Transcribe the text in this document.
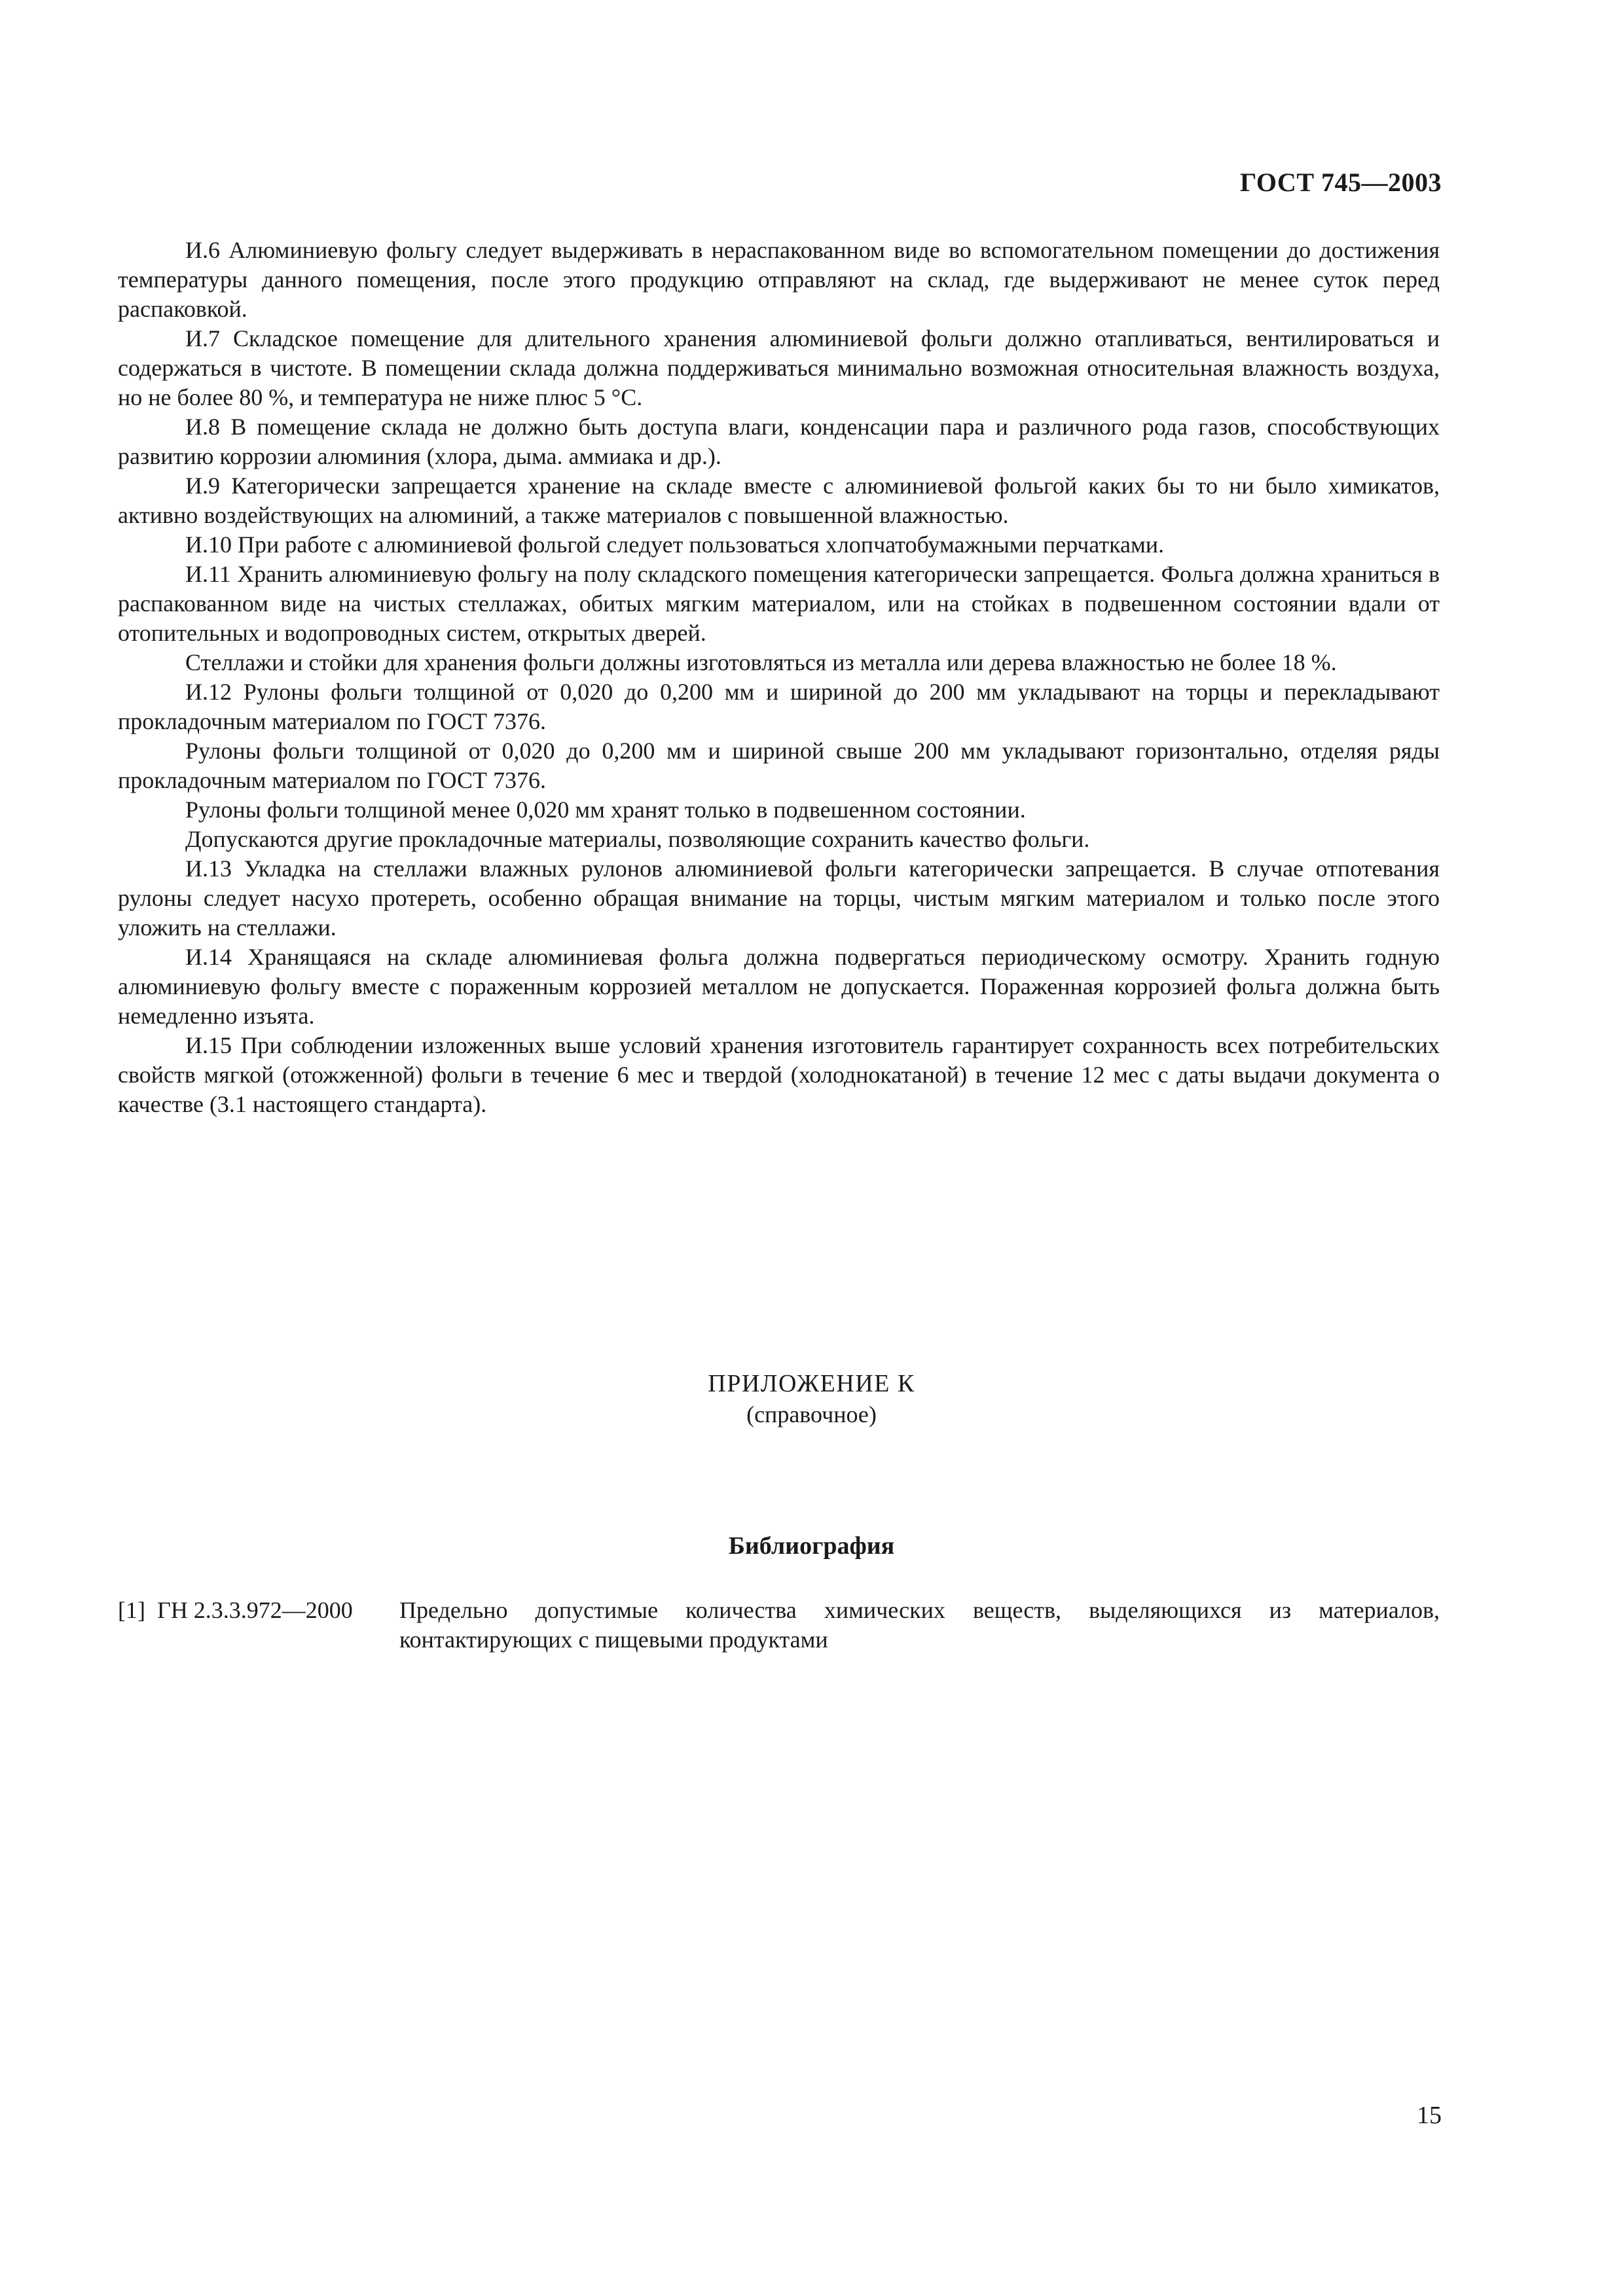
ГОСТ 745—2003

И.6 Алюминиевую фольгу следует выдерживать в нераспакованном виде во вспомогательном помещении до достижения температуры данного помещения, после этого продукцию отправляют на склад, где выдерживают не менее суток перед распаковкой.

И.7 Складское помещение для длительного хранения алюминиевой фольги должно отапливаться, вентилироваться и содержаться в чистоте. В помещении склада должна поддерживаться минимально возможная относительная влажность воздуха, но не более 80 %, и температура не ниже плюс 5 °С.

И.8 В помещение склада не должно быть доступа влаги, конденсации пара и различного рода газов, способствующих развитию коррозии алюминия (хлора, дыма. аммиака и др.).

И.9 Категорически запрещается хранение на складе вместе с алюминиевой фольгой каких бы то ни было химикатов, активно воздействующих на алюминий, а также материалов с повышенной влажностью.

И.10 При работе с алюминиевой фольгой следует пользоваться хлопчатобумажными перчатками.

И.11 Хранить алюминиевую фольгу на полу складского помещения категорически запрещается. Фольга должна храниться в распакованном виде на чистых стеллажах, обитых мягким материалом, или на стойках в подвешенном состоянии вдали от отопительных и водопроводных систем, открытых дверей.

Стеллажи и стойки для хранения фольги должны изготовляться из металла или дерева влажностью не более 18 %.

И.12 Рулоны фольги толщиной от 0,020 до 0,200 мм и шириной до 200 мм укладывают на торцы и перекладывают прокладочным материалом по ГОСТ 7376.

Рулоны фольги толщиной от 0,020 до 0,200 мм и шириной свыше 200 мм укладывают горизонтально, отделяя ряды прокладочным материалом по ГОСТ 7376.

Рулоны фольги толщиной менее 0,020 мм хранят только в подвешенном состоянии.

Допускаются другие прокладочные материалы, позволяющие сохранить качество фольги.

И.13 Укладка на стеллажи влажных рулонов алюминиевой фольги категорически запрещается. В случае отпотевания рулоны следует насухо протереть, особенно обращая внимание на торцы, чистым мягким материалом и только после этого уложить на стеллажи.

И.14 Хранящаяся на складе алюминиевая фольга должна подвергаться периодическому осмотру. Хранить годную алюминиевую фольгу вместе с пораженным коррозией металлом не допускается. Пораженная коррозией фольга должна быть немедленно изъята.

И.15 При соблюдении изложенных выше условий хранения изготовитель гарантирует сохранность всех потребительских свойств мягкой (отожженной) фольги в течение 6 мес и твердой (холоднокатаной) в течение 12 мес с даты выдачи документа о качестве (3.1 настоящего стандарта).

ПРИЛОЖЕНИЕ К
(справочное)
Библиография
[1] ГН 2.3.3.972—2000	Предельно допустимые количества химических веществ, выделяющихся из материалов, контактирующих с пищевыми продуктами
15
